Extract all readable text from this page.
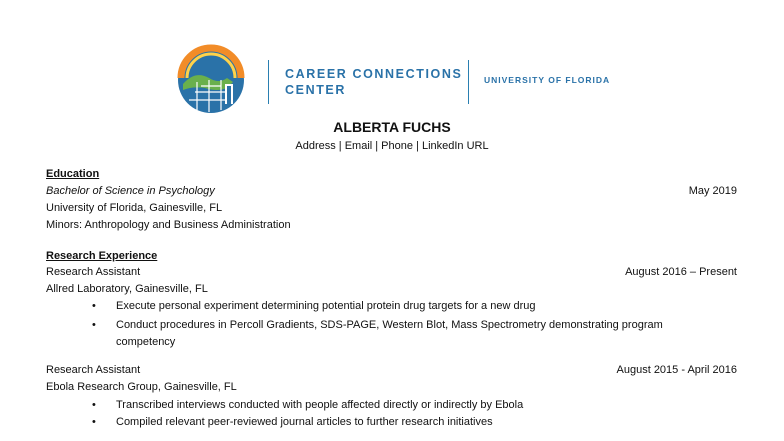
CAREER CONNECTIONS
CENTER
UNIVERSITY OF FLORIDA
ALBERTA FUCHS
Address | Email | Phone | LinkedIn URL
Education
Bachelor of Science in Psychology	May 2019
University of Florida, Gainesville, FL
Minors: Anthropology and Business Administration
Research Experience
Research Assistant	August 2016 – Present
Allred Laboratory, Gainesville, FL
• Execute personal experiment determining potential protein drug targets for a new drug
• Conduct procedures in Percoll Gradients, SDS-PAGE, Western Blot, Mass Spectrometry demonstrating program
competency
Research Assistant	August 2015 - April 2016
Ebola Research Group, Gainesville, FL
• Transcribed interviews conducted with people affected directly or indirectly by Ebola
• Compiled relevant peer-reviewed journal articles to further research initiatives
